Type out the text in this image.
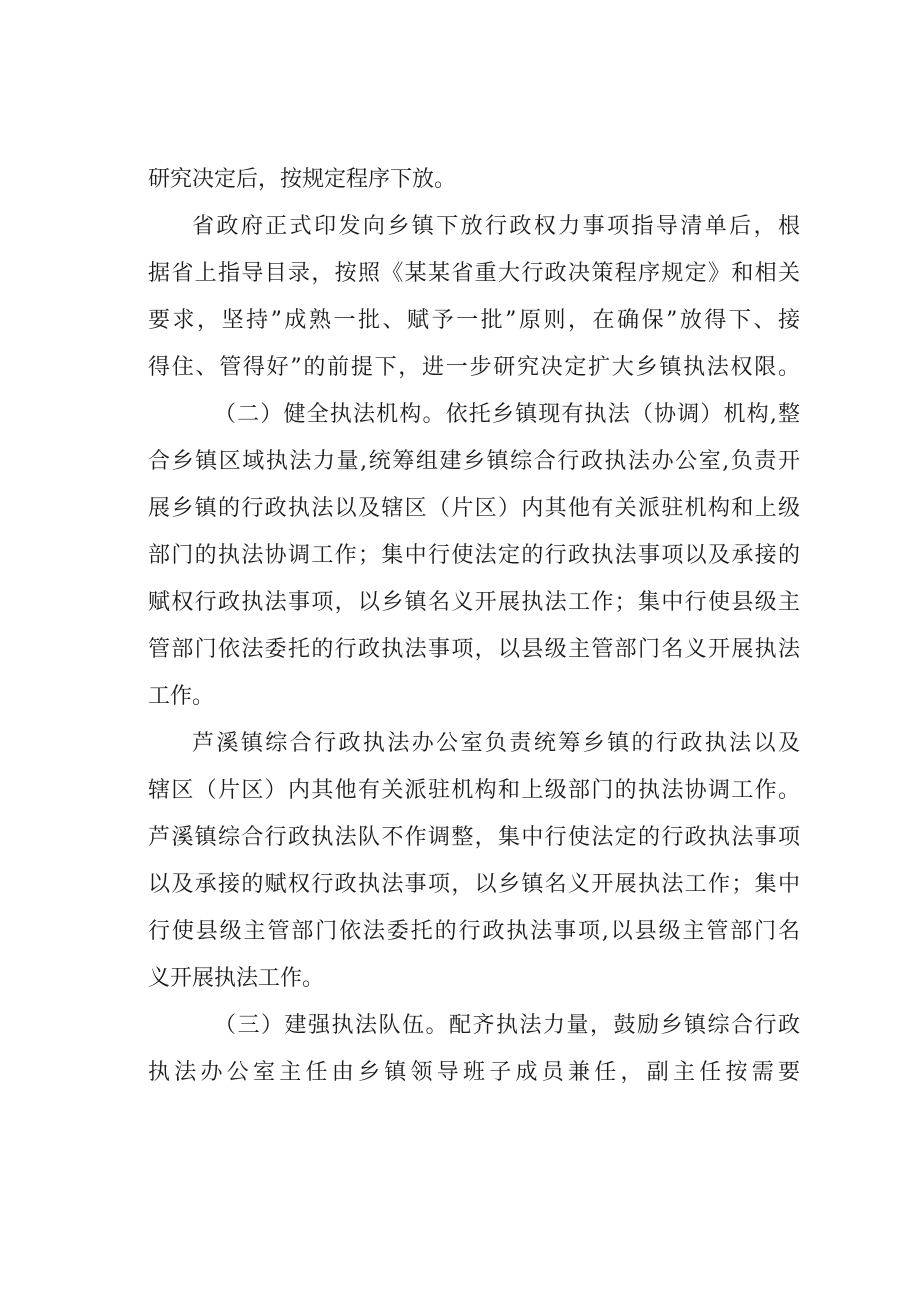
研究决定后，按规定程序下放。
省政府正式印发向乡镇下放行政权力事项指导清单后，根
据省上指导目录，按照《某某省重大行政决策程序规定》和相关
要求，坚持”成熟一批、赋予一批”原则，在确保”放得下、接
得住、管得好”的前提下，进一步研究决定扩大乡镇执法权限。
（二）健全执法机构。依托乡镇现有执法（协调）机构,整
合乡镇区域执法力量,统筹组建乡镇综合行政执法办公室,负责开
展乡镇的行政执法以及辖区（片区）内其他有关派驻机构和上级
部门的执法协调工作；集中行使法定的行政执法事项以及承接的
赋权行政执法事项，以乡镇名义开展执法工作；集中行使县级主
管部门依法委托的行政执法事项，以县级主管部门名义开展执法
工作。
芦溪镇综合行政执法办公室负责统筹乡镇的行政执法以及
辖区（片区）内其他有关派驻机构和上级部门的执法协调工作。
芦溪镇综合行政执法队不作调整，集中行使法定的行政执法事项
以及承接的赋权行政执法事项，以乡镇名义开展执法工作；集中
行使县级主管部门依法委托的行政执法事项,以县级主管部门名
义开展执法工作。
（三）建强执法队伍。配齐执法力量，鼓励乡镇综合行政
执法办公室主任由乡镇领导班子成员兼任，副主任按需要
